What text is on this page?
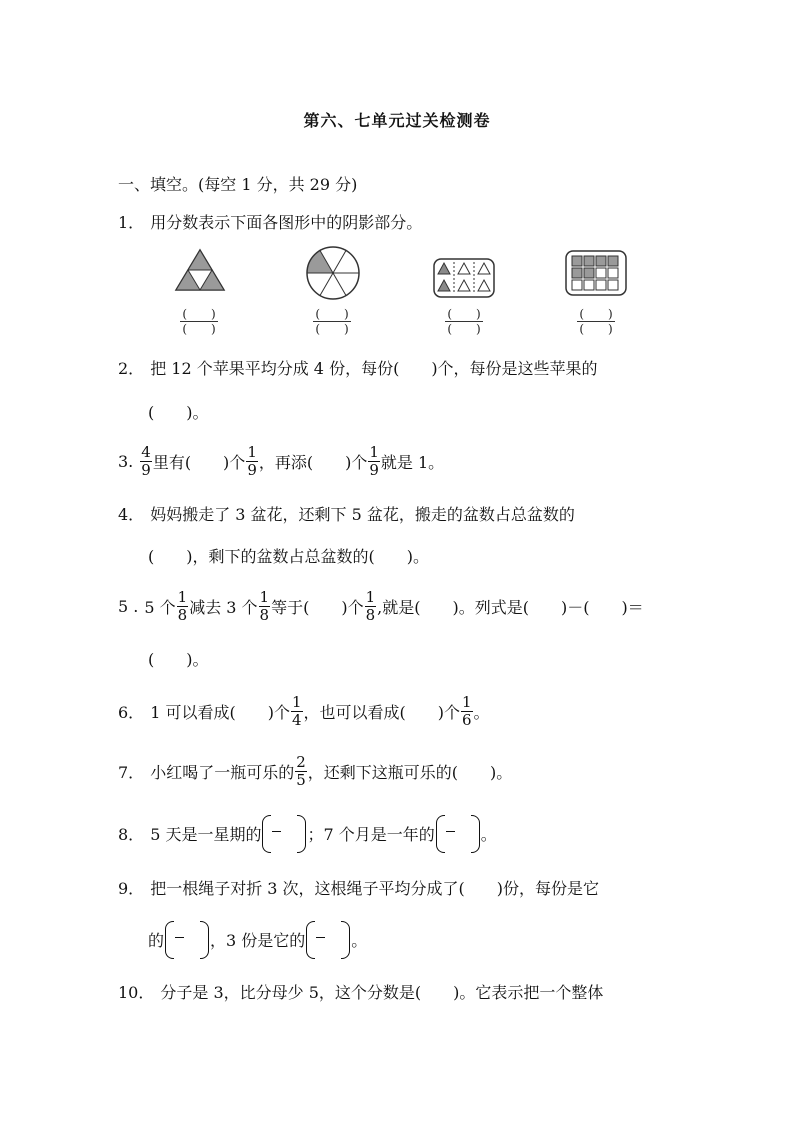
第六、七单元过关检测卷
一、填空。(每空 1 分，共 29 分)
1． 用分数表示下面各图形中的阴影部分。
(　　)
(　　)
(　　)
(　　)
(　　)
(　　)
(　　)
(　　)
2． 把 12 个苹果平均分成 4 份，每份(　　)个，每份是这些苹果的
(　　)。
3. $\frac{4}{9}$ 里有(　　)个 $\frac{1}{9}$ ，再添(　　)个 $\frac{1}{9}$ 就是 1。
4． 妈妈搬走了 3 盆花，还剩下 5 盆花，搬走的盆数占总盆数的
(　　)，剩下的盆数占总盆数的(　　)。
5 . 5 个 $\frac{1}{8}$ 减去 3 个 $\frac{1}{8}$ 等于(　　)个 $\frac{1}{8}$ ,就是(　　)。列式是(　　)－(　　)＝
(　　)。
6． 1 可以看成(　　)个 $\frac{1}{4}$ ，也可以看成(　　)个 $\frac{1}{6}$ 。
7． 小红喝了一瓶可乐的 $\frac{2}{5}$ ，还剩下这瓶可乐的(　　)。
8． 5 天是一星期的	；7 个月是一年的	。
9． 把一根绳子对折 3 次，这根绳子平均分成了(　　)份，每份是它
的	，3 份是它的	。
10． 分子是 3，比分母少 5，这个分数是(　　)。它表示把一个整体
